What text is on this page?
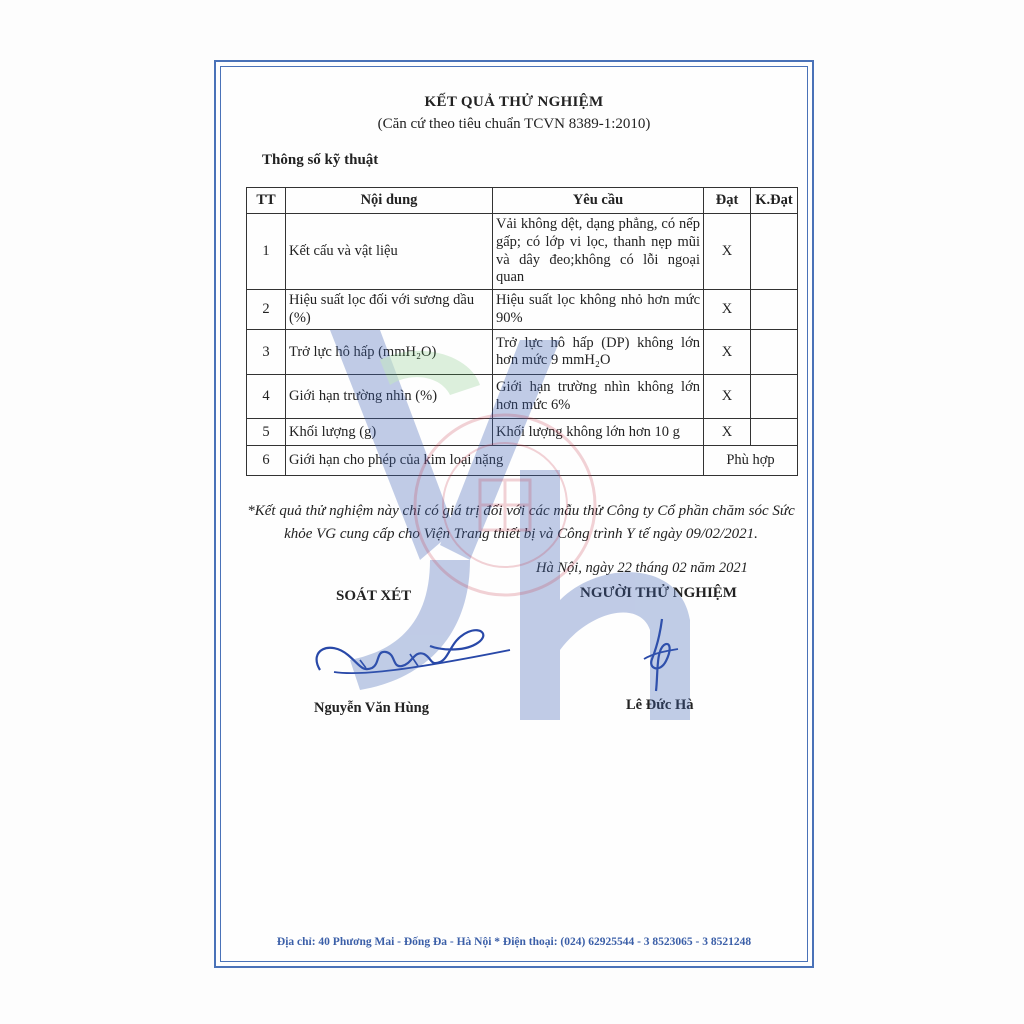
KẾT QUẢ THỬ NGHIỆM
(Căn cứ theo tiêu chuẩn TCVN 8389-1:2010)
Thông số kỹ thuật
TT	Nội dung	Yêu cầu	Đạt	K.Đạt
1	Kết cấu và vật liệu	Vải không dệt, dạng phẳng, có nếp gấp; có lớp vi lọc, thanh nẹp mũi và dây đeo;không có lỗi ngoại quan	X	
2	Hiệu suất lọc đối với sương dầu (%)	Hiệu suất lọc không nhỏ hơn mức 90%	X	
3	Trở lực hô hấp (mmH₂O)	Trở lực hô hấp (DP) không lớn hơn mức 9 mmH₂O	X	
4	Giới hạn trường nhìn (%)	Giới hạn trường nhìn không lớn hơn mức 6%	X	
5	Khối lượng (g)	Khối lượng không lớn hơn 10 g	X	
6	Giới hạn cho phép của kim loại nặng		Phù hợp	
*Kết quả thử nghiệm này chỉ có giá trị đối với các mẫu thử Công ty Cổ phần chăm sóc Sức khỏe VG cung cấp cho Viện Trang thiết bị và Công trình Y tế ngày 09/02/2021.
Hà Nội, ngày 22 tháng 02 năm 2021
SOÁT XÉT	NGƯỜI THỬ NGHIỆM
Nguyễn Văn Hùng	Lê Đức Hà
Địa chỉ: 40 Phương Mai - Đống Đa - Hà Nội * Điện thoại: (024) 62925544 - 3 8523065 - 3 8521248
